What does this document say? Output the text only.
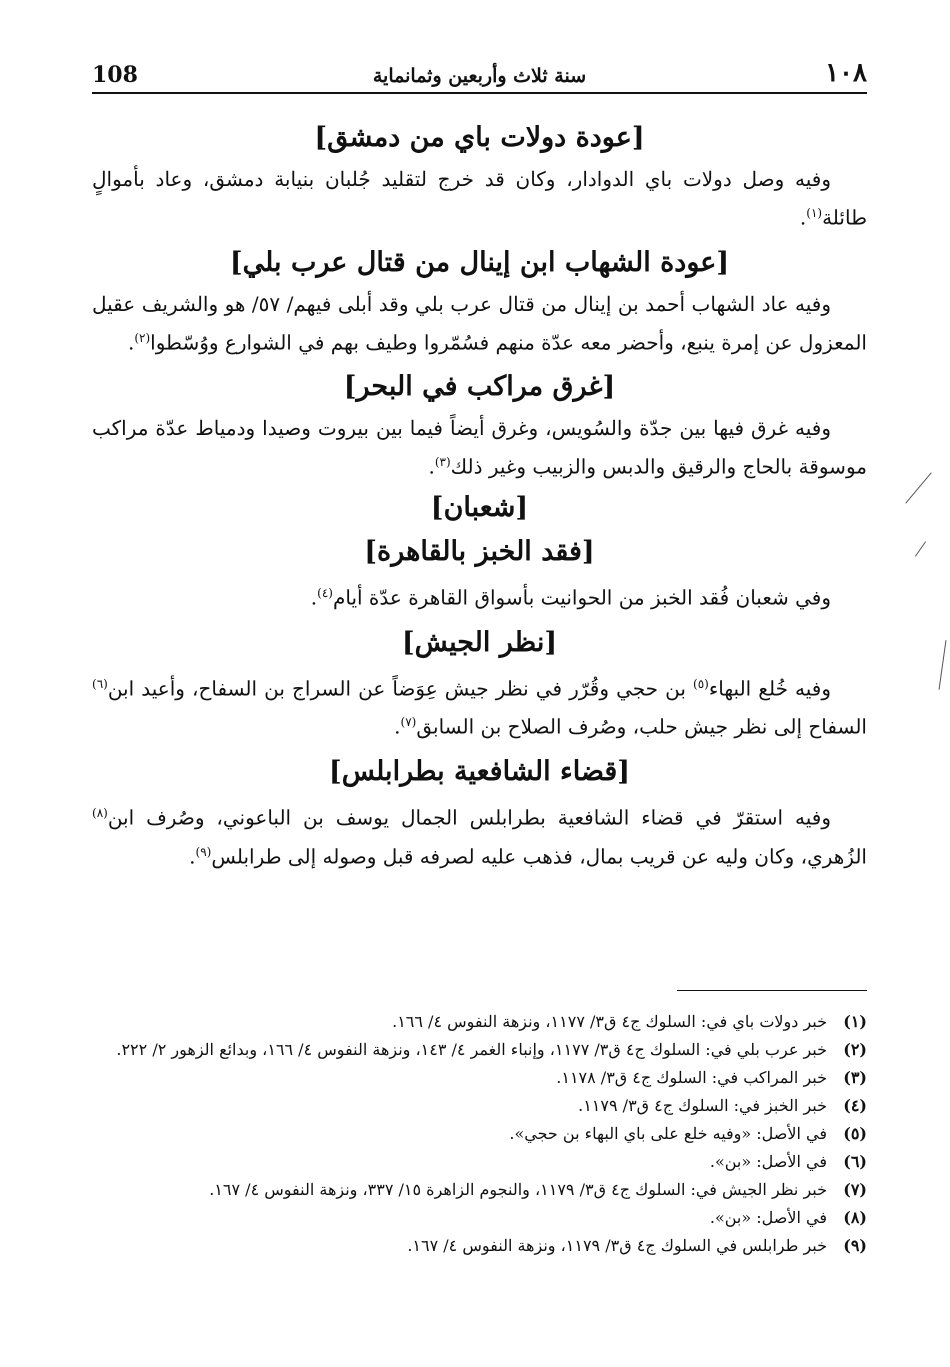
108	سنة ثلاث وأربعين وثمانماية	١٠٨
[عودة دولات باي من دمشق]

وفيه وصل دولات باي الدوادار، وكان قد خرج لتقليد جُلبان بنيابة دمشق، وعاد بأموالٍ طائلة$^{(١)}$.

[عودة الشهاب ابن إينال من قتال عرب بلي]

وفيه عاد الشهاب أحمد بن إينال من قتال عرب بلي وقد أبلى فيهم/ ٥٧/ هو والشريف عقيل المعزول عن إمرة ينبع، وأحضر معه عدّة منهم فسُمّروا وطيف بهم في الشوارع ووُسّطوا$^{(٢)}$.

[غرق مراكب في البحر]

وفيه غرق فيها بين جدّة والسُويس، وغرق أيضاً فيما بين بيروت وصيدا ودمياط عدّة مراكب موسوقة بالحاج والرقيق والدبس والزبيب وغير ذلك$^{(٣)}$.

[شعبان]
[فقد الخبز بالقاهرة]

وفي شعبان فُقد الخبز من الحوانيت بأسواق القاهرة عدّة أيام$^{(٤)}$.

[نظر الجيش]

وفيه خُلع البهاء$^{(٥)}$ بن حجي وقُرّر في نظر جيش عِوَضاً عن السراج بن السفاح، وأعيد ابن$^{(٦)}$ السفاح إلى نظر جيش حلب، وصُرف الصلاح بن السابق$^{(٧)}$.

[قضاء الشافعية بطرابلس]

وفيه استقرّ في قضاء الشافعية بطرابلس الجمال يوسف بن الباعوني، وصُرف ابن$^{(٨)}$ الزُهري، وكان وليه عن قريب بمال، فذهب عليه لصرفه قبل وصوله إلى طرابلس$^{(٩)}$.

(١)
خبر دولات باي في: السلوك ج٤ ق٣/ ١١٧٧، ونزهة النفوس ٤/ ١٦٦.
(٢)
خبر عرب بلي في: السلوك ج٤ ق٣/ ١١٧٧، وإنباء الغمر ٤/ ١٤٣، ونزهة النفوس ٤/ ١٦٦، وبدائع الزهور ٢/ ٢٢٢.
(٣)
خبر المراكب في: السلوك ج٤ ق٣/ ١١٧٨.
(٤)
خبر الخبز في: السلوك ج٤ ق٣/ ١١٧٩.
(٥)
في الأصل: «وفيه خلع على باي البهاء بن حجي».
(٦)
في الأصل: «بن».
(٧)
خبر نظر الجيش في: السلوك ج٤ ق٣/ ١١٧٩، والنجوم الزاهرة ١٥/ ٣٣٧، ونزهة النفوس ٤/ ١٦٧.
(٨)
في الأصل: «بن».
(٩)
خبر طرابلس في السلوك ج٤ ق٣/ ١١٧٩، ونزهة النفوس ٤/ ١٦٧.
